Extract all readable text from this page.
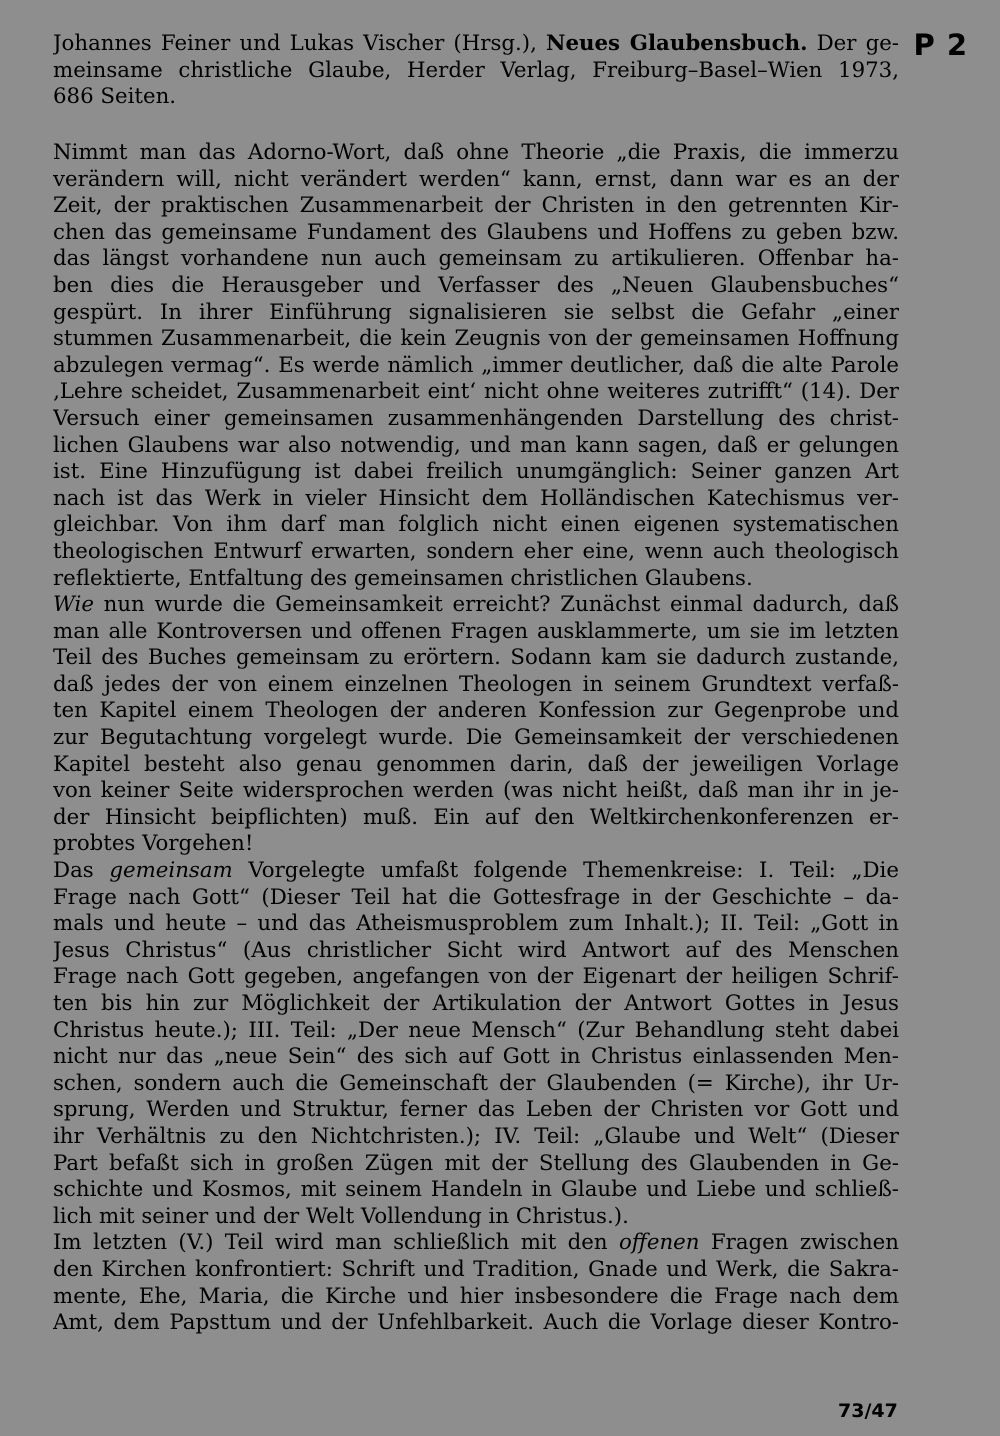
P 2
Johannes Feiner und Lukas Vischer (Hrsg.), Neues Glaubensbuch. Der ge-
meinsame christliche Glaube, Herder Verlag, Freiburg–Basel–Wien 1973,
686 Seiten.
Nimmt man das Adorno-Wort, daß ohne Theorie „die Praxis, die immerzu
verändern will, nicht verändert werden“ kann, ernst, dann war es an der
Zeit, der praktischen Zusammenarbeit der Christen in den getrennten Kir-
chen das gemeinsame Fundament des Glaubens und Hoffens zu geben bzw.
das längst vorhandene nun auch gemeinsam zu artikulieren. Offenbar ha-
ben dies die Herausgeber und Verfasser des „Neuen Glaubensbuches“
gespürt. In ihrer Einführung signalisieren sie selbst die Gefahr „einer
stummen Zusammenarbeit, die kein Zeugnis von der gemeinsamen Hoffnung
abzulegen vermag“. Es werde nämlich „immer deutlicher, daß die alte Parole
‚Lehre scheidet, Zusammenarbeit eint‘ nicht ohne weiteres zutrifft“ (14). Der
Versuch einer gemeinsamen zusammenhängenden Darstellung des christ-
lichen Glaubens war also notwendig, und man kann sagen, daß er gelungen
ist. Eine Hinzufügung ist dabei freilich unumgänglich: Seiner ganzen Art
nach ist das Werk in vieler Hinsicht dem Holländischen Katechismus ver-
gleichbar. Von ihm darf man folglich nicht einen eigenen systematischen
theologischen Entwurf erwarten, sondern eher eine, wenn auch theologisch
reflektierte, Entfaltung des gemeinsamen christlichen Glaubens.
Wie nun wurde die Gemeinsamkeit erreicht? Zunächst einmal dadurch, daß
man alle Kontroversen und offenen Fragen ausklammerte, um sie im letzten
Teil des Buches gemeinsam zu erörtern. Sodann kam sie dadurch zustande,
daß jedes der von einem einzelnen Theologen in seinem Grundtext verfaß-
ten Kapitel einem Theologen der anderen Konfession zur Gegenprobe und
zur Begutachtung vorgelegt wurde. Die Gemeinsamkeit der verschiedenen
Kapitel besteht also genau genommen darin, daß der jeweiligen Vorlage
von keiner Seite widersprochen werden (was nicht heißt, daß man ihr in je-
der Hinsicht beipflichten) muß. Ein auf den Weltkirchenkonferenzen er-
probtes Vorgehen!
Das gemeinsam Vorgelegte umfaßt folgende Themenkreise: I. Teil: „Die
Frage nach Gott“ (Dieser Teil hat die Gottesfrage in der Geschichte – da-
mals und heute – und das Atheismusproblem zum Inhalt.); II. Teil: „Gott in
Jesus Christus“ (Aus christlicher Sicht wird Antwort auf des Menschen
Frage nach Gott gegeben, angefangen von der Eigenart der heiligen Schrif-
ten bis hin zur Möglichkeit der Artikulation der Antwort Gottes in Jesus
Christus heute.); III. Teil: „Der neue Mensch“ (Zur Behandlung steht dabei
nicht nur das „neue Sein“ des sich auf Gott in Christus einlassenden Men-
schen, sondern auch die Gemeinschaft der Glaubenden (= Kirche), ihr Ur-
sprung, Werden und Struktur, ferner das Leben der Christen vor Gott und
ihr Verhältnis zu den Nichtchristen.); IV. Teil: „Glaube und Welt“ (Dieser
Part befaßt sich in großen Zügen mit der Stellung des Glaubenden in Ge-
schichte und Kosmos, mit seinem Handeln in Glaube und Liebe und schließ-
lich mit seiner und der Welt Vollendung in Christus.).
Im letzten (V.) Teil wird man schließlich mit den offenen Fragen zwischen
den Kirchen konfrontiert: Schrift und Tradition, Gnade und Werk, die Sakra-
mente, Ehe, Maria, die Kirche und hier insbesondere die Frage nach dem
Amt, dem Papsttum und der Unfehlbarkeit. Auch die Vorlage dieser Kontro-
73/47
